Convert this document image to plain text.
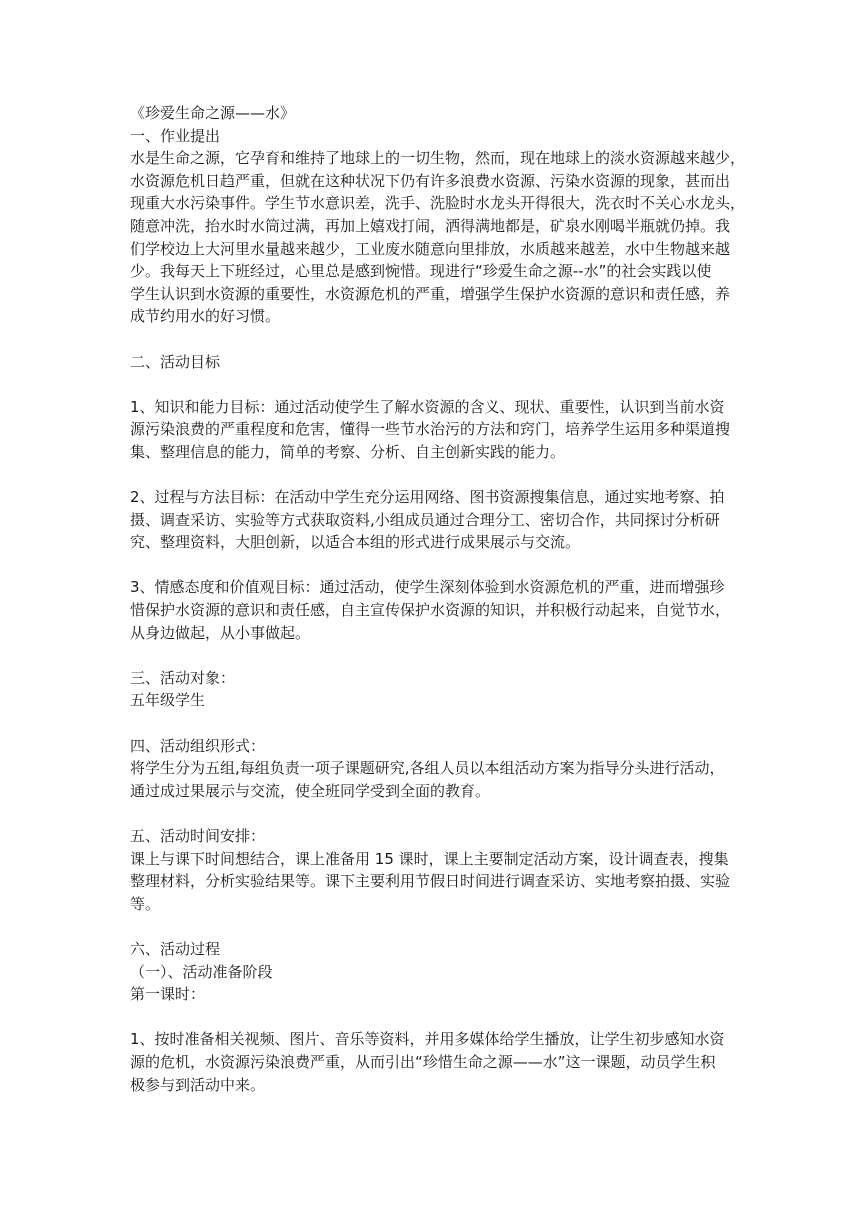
《珍爱生命之源——水》
一、作业提出
水是生命之源，它孕育和维持了地球上的一切生物，然而，现在地球上的淡水资源越来越少，
水资源危机日趋严重，但就在这种状况下仍有许多浪费水资源、污染水资源的现象，甚而出
现重大水污染事件。学生节水意识差，洗手、洗脸时水龙头开得很大，洗衣时不关心水龙头，
随意冲洗，抬水时水筒过满，再加上嬉戏打闹，洒得满地都是，矿泉水刚喝半瓶就仍掉。我
们学校边上大河里水量越来越少，工业废水随意向里排放，水质越来越差，水中生物越来越
少。我每天上下班经过，心里总是感到惋惜。现进行“珍爱生命之源--水”的社会实践以使
学生认识到水资源的重要性，水资源危机的严重，增强学生保护水资源的意识和责任感，养
成节约用水的好习惯。
二、活动目标
1、知识和能力目标：通过活动使学生了解水资源的含义、现状、重要性，认识到当前水资
源污染浪费的严重程度和危害，懂得一些节水治污的方法和窍门，培养学生运用多种渠道搜
集、整理信息的能力，简单的考察、分析、自主创新实践的能力。
2、过程与方法目标：在活动中学生充分运用网络、图书资源搜集信息，通过实地考察、拍
摄、调查采访、实验等方式获取资料,小组成员通过合理分工、密切合作，共同探讨分析研
究、整理资料，大胆创新，以适合本组的形式进行成果展示与交流。
3、情感态度和价值观目标：通过活动，使学生深刻体验到水资源危机的严重，进而增强珍
惜保护水资源的意识和责任感，自主宣传保护水资源的知识，并积极行动起来，自觉节水，
从身边做起，从小事做起。
三、活动对象：
五年级学生
四、活动组织形式：
将学生分为五组,每组负责一项子课题研究,各组人员以本组活动方案为指导分头进行活动，
通过成过果展示与交流，使全班同学受到全面的教育。
五、活动时间安排：
课上与课下时间想结合，课上准备用 15 课时，课上主要制定活动方案，设计调查表，搜集
整理材料，分析实验结果等。课下主要利用节假日时间进行调查采访、实地考察拍摄、实验
等。
六、活动过程
（一）、活动准备阶段
第一课时：
1、按时准备相关视频、图片、音乐等资料，并用多媒体给学生播放，让学生初步感知水资
源的危机，水资源污染浪费严重，从而引出“珍惜生命之源——水”这一课题，动员学生积
极参与到活动中来。
